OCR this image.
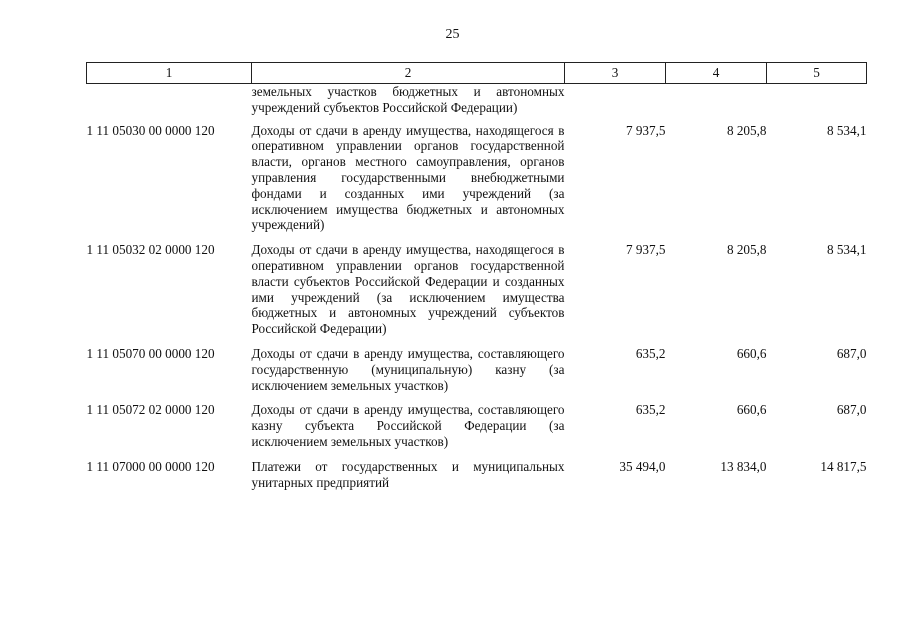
25
1	2	3	4	5
	земельных участков бюджетных и автономных учреждений субъектов Российской Федерации)			
1 11 05030 00 0000 120	Доходы от сдачи в аренду имущества, находящегося в оперативном управлении органов государственной власти, органов местного самоуправления, органов управления государственными внебюджетными фондами и созданных ими учреждений (за исключением имущества бюджетных и автономных учреждений)	7 937,5	8 205,8	8 534,1
1 11 05032 02 0000 120	Доходы от сдачи в аренду имущества, находящегося в оперативном управлении органов государственной власти субъектов Российской Федерации и созданных ими учреждений (за исключением имущества бюджетных и автономных учреждений субъектов Российской Федерации)	7 937,5	8 205,8	8 534,1
1 11 05070 00 0000 120	Доходы от сдачи в аренду имущества, составляющего государственную (муниципальную) казну (за исключением земельных участков)	635,2	660,6	687,0
1 11 05072 02 0000 120	Доходы от сдачи в аренду имущества, составляющего казну субъекта Российской Федерации (за исключением земельных участков)	635,2	660,6	687,0
1 11 07000 00 0000 120	Платежи от государственных и муниципальных унитарных предприятий	35 494,0	13 834,0	14 817,5
